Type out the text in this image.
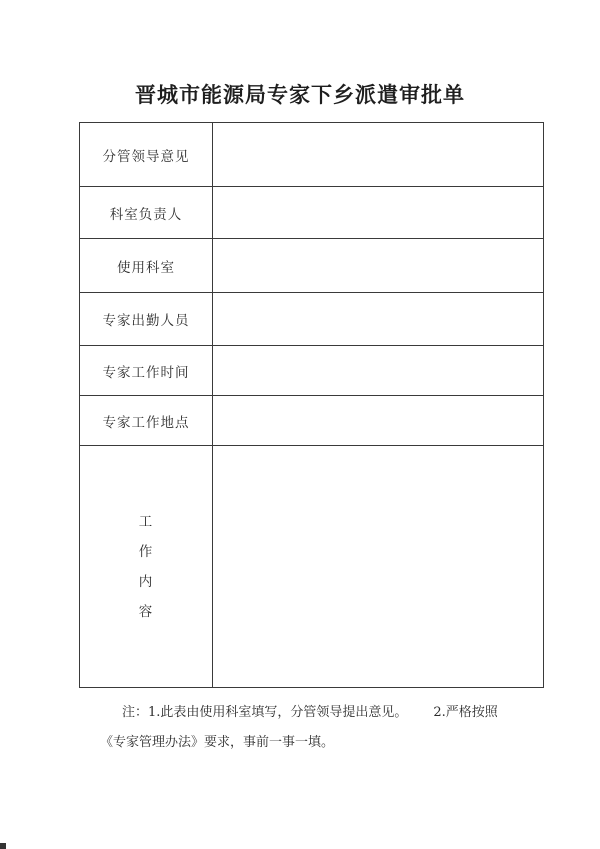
晋城市能源局专家下乡派遣审批单
分管领导意见
科室负责人
使用科室
专家出勤人员
专家工作时间
专家工作地点
工
作
内
容
注：1.此表由使用科室填写，分管领导提出意见。 2.严格按照
《专家管理办法》要求，事前一事一填。
